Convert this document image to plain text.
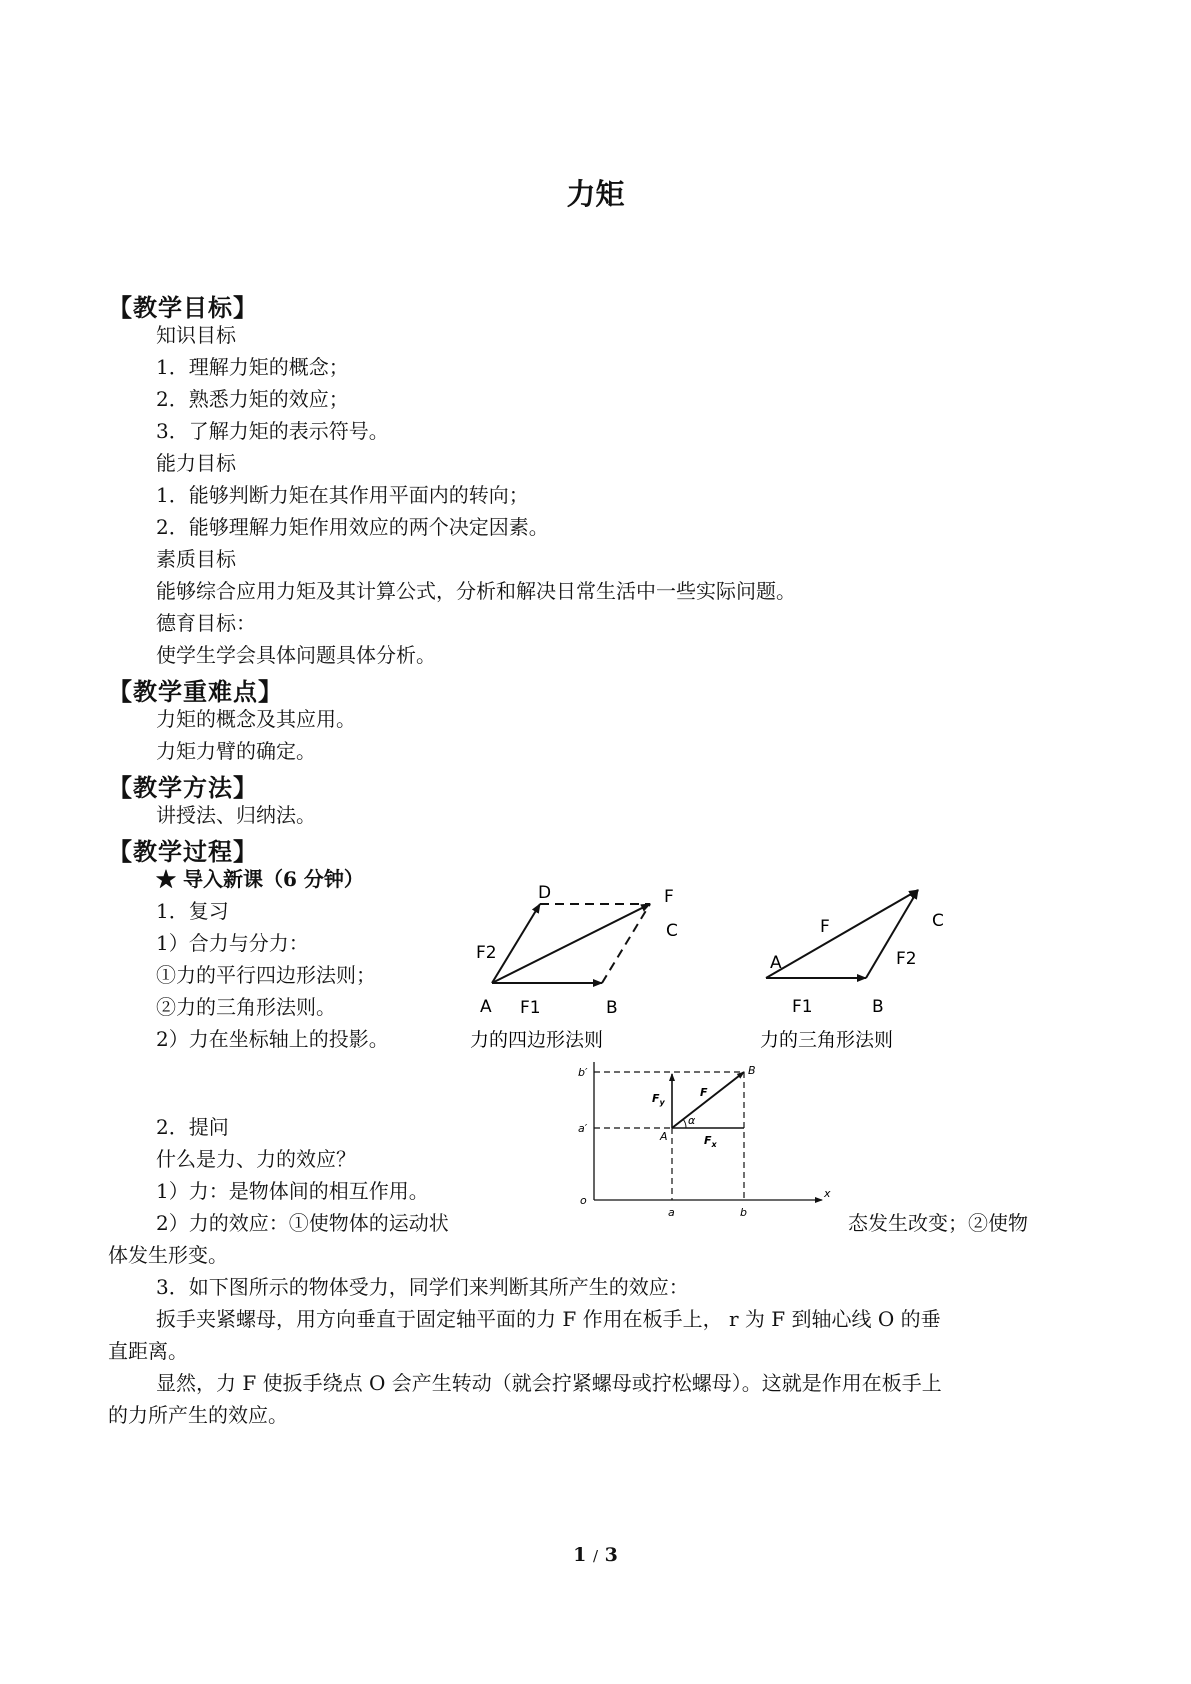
力矩
【教学目标】
知识目标
1．理解力矩的概念；
2．熟悉力矩的效应；
3．了解力矩的表示符号。
能力目标
1．能够判断力矩在其作用平面内的转向；
2．能够理解力矩作用效应的两个决定因素。
素质目标
能够综合应用力矩及其计算公式，分析和解决日常生活中一些实际问题。
德育目标：
使学生学会具体问题具体分析。
【教学重难点】
力矩的概念及其应用。
力矩力臂的确定。
【教学方法】
讲授法、归纳法。
【教学过程】
★ 导入新课（6 分钟）
1．复习
1）合力与分力：
①力的平行四边形法则；
②力的三角形法则。
2）力在坐标轴上的投影。
D	F
C
F2
A F1	B
力的四边形法则
C
F
A	F2
F1	B
力的三角形法则
b′
a′
o
a	b
x
A
B
F
$F_y$
$F_x$
α
2．提问
什么是力、力的效应？
1）力：是物体间的相互作用。
2）力的效应：①使物体的运动状	态发生改变；②使物
体发生形变。
3．如下图所示的物体受力，同学们来判断其所产生的效应：
扳手夹紧螺母，用方向垂直于固定轴平面的力 F 作用在板手上， r 为 F 到轴心线 O 的垂
直距离。
显然，力 F 使扳手绕点 O 会产生转动（就会拧紧螺母或拧松螺母）。这就是作用在板手上
的力所产生的效应。
1 / 3
